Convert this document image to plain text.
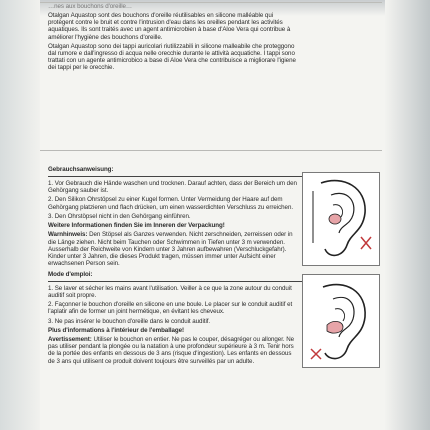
…nes aux bouchons d'oreille…

Otalgan Aquastop sont des bouchons d'oreille réutilisables en silicone malléable qui protègent contre le bruit et contre l'intrusion d'eau dans les oreilles pendant les activités aquatiques. Ils sont traités avec un agent antimicrobien à base d'Aloe Vera qui contribue à améliorer l'hygiène des bouchons d'oreille.

Otalgan Aquastop sono dei tappi auricolari riutilizzabili in silicone malleabile che proteggono dal rumore e dall'ingresso di acqua nelle orecchie durante le attività acquatiche. I tappi sono trattati con un agente antimicrobico a base di Aloe Vera che contribuisce a migliorare l'igiene dei tappi per le orecchie.

Gebrauchsanweisung:

1. Vor Gebrauch die Hände waschen und trocknen. Darauf achten, dass der Bereich um den Gehörgang sauber ist.

2. Den Silikon Ohrstöpsel zu einer Kugel formen. Unter Vermeidung der Haare auf dem Gehörgang platzieren und flach drücken, um einen wasserdichten Verschluss zu erreichen.

3. Den Ohrstöpsel nicht in den Gehörgang einführen.

Weitere Informationen finden Sie im Inneren der Verpackung!

Warnhinweis: Den Stöpsel als Ganzes verwenden. Nicht zerschneiden, zerreissen oder in die Länge ziehen. Nicht beim Tauchen oder Schwimmen in Tiefen unter 3 m verwenden. Ausserhalb der Reichweite von Kindern unter 3 Jahren aufbewahren (Verschluckgefahr). Kinder unter 3 Jahren, die dieses Produkt tragen, müssen immer unter Aufsicht einer erwachsenen Person sein.

Mode d'emploi:

1. Se laver et sécher les mains avant l'utilisation. Veiller à ce que la zone autour du conduit auditif soit propre.

2. Façonner le bouchon d'oreille en silicone en une boule. Le placer sur le conduit auditif et l'aplatir afin de former un joint hermétique, en évitant les cheveux.

3. Ne pas insérer le bouchon d'oreille dans le conduit auditif.

Plus d'informations à l'intérieur de l'emballage!

Avertissement: Utiliser le bouchon en entier. Ne pas le couper, désagréger ou allonger. Ne pas utiliser pendant la plongée ou la natation à une profondeur supérieure à 3 m. Tenir hors de la portée des enfants en dessous de 3 ans (risque d'ingestion). Les enfants en dessous de 3 ans qui utilisent ce produit doivent toujours être surveillés par un adulte.
